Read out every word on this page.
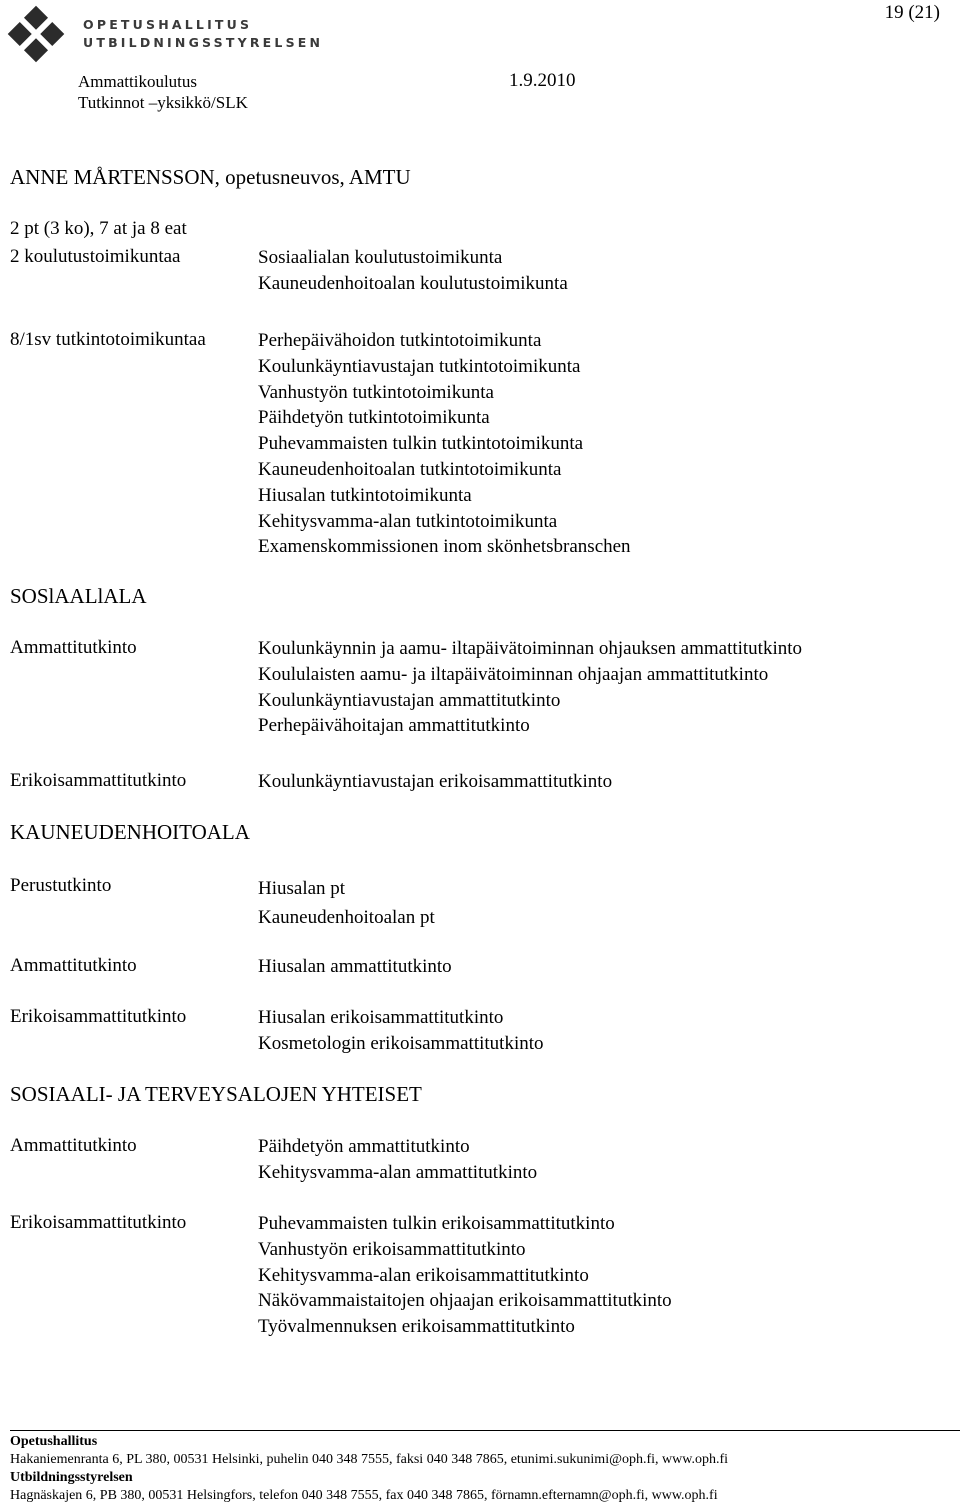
OPETUSHALLITUS
UTBILDNINGSSTYRELSEN
19 (21)
Ammattikoulutus	1.9.2010
Tutkinnot –yksikkö/SLK
ANNE MÅRTENSSON, opetusneuvos, AMTU
2 pt (3 ko), 7 at ja 8 eat
2 koulutustoimikuntaa	Sosiaalialan koulutustoimikunta
Kauneudenhoitoalan koulutustoimikunta
8/1sv tutkintotoimikuntaa	Perhepäivähoidon tutkintotoimikunta
Koulunkäyntiavustajan tutkintotoimikunta
Vanhustyön tutkintotoimikunta
Päihdetyön tutkintotoimikunta
Puhevammaisten tulkin tutkintotoimikunta
Kauneudenhoitoalan tutkintotoimikunta
Hiusalan tutkintotoimikunta
Kehitysvamma-alan tutkintotoimikunta
Examenskommissionen inom skönhetsbranschen
SOSlAALlALA
Ammattitutkinto	Koulunkäynnin ja aamu- iltapäivätoiminnan ohjauksen ammattitutkinto
Koululaisten aamu- ja iltapäivätoiminnan ohjaajan ammattitutkinto
Koulunkäyntiavustajan ammattitutkinto
Perhepäivähoitajan ammattitutkinto
Erikoisammattitutkinto	Koulunkäyntiavustajan erikoisammattitutkinto
KAUNEUDENHOITOALA
Perustutkinto	Hiusalan pt
Kauneudenhoitoalan pt
Ammattitutkinto	Hiusalan ammattitutkinto
Erikoisammattitutkinto	Hiusalan erikoisammattitutkinto
Kosmetologin erikoisammattitutkinto
SOSIAALI- JA TERVEYSALOJEN YHTEISET
Ammattitutkinto	Päihdetyön ammattitutkinto
Kehitysvamma-alan ammattitutkinto
Erikoisammattitutkinto	Puhevammaisten tulkin erikoisammattitutkinto
Vanhustyön erikoisammattitutkinto
Kehitysvamma-alan erikoisammattitutkinto
Näkövammaistaitojen ohjaajan erikoisammattitutkinto
Työvalmennuksen erikoisammattitutkinto
Opetushallitus
Hakaniemenranta 6, PL 380, 00531 Helsinki, puhelin 040 348 7555, faksi 040 348 7865, etunimi.sukunimi@oph.fi, www.oph.fi
Utbildningsstyrelsen
Hagnäskajen 6, PB 380, 00531 Helsingfors, telefon 040 348 7555, fax 040 348 7865, förnamn.efternamn@oph.fi, www.oph.fi
